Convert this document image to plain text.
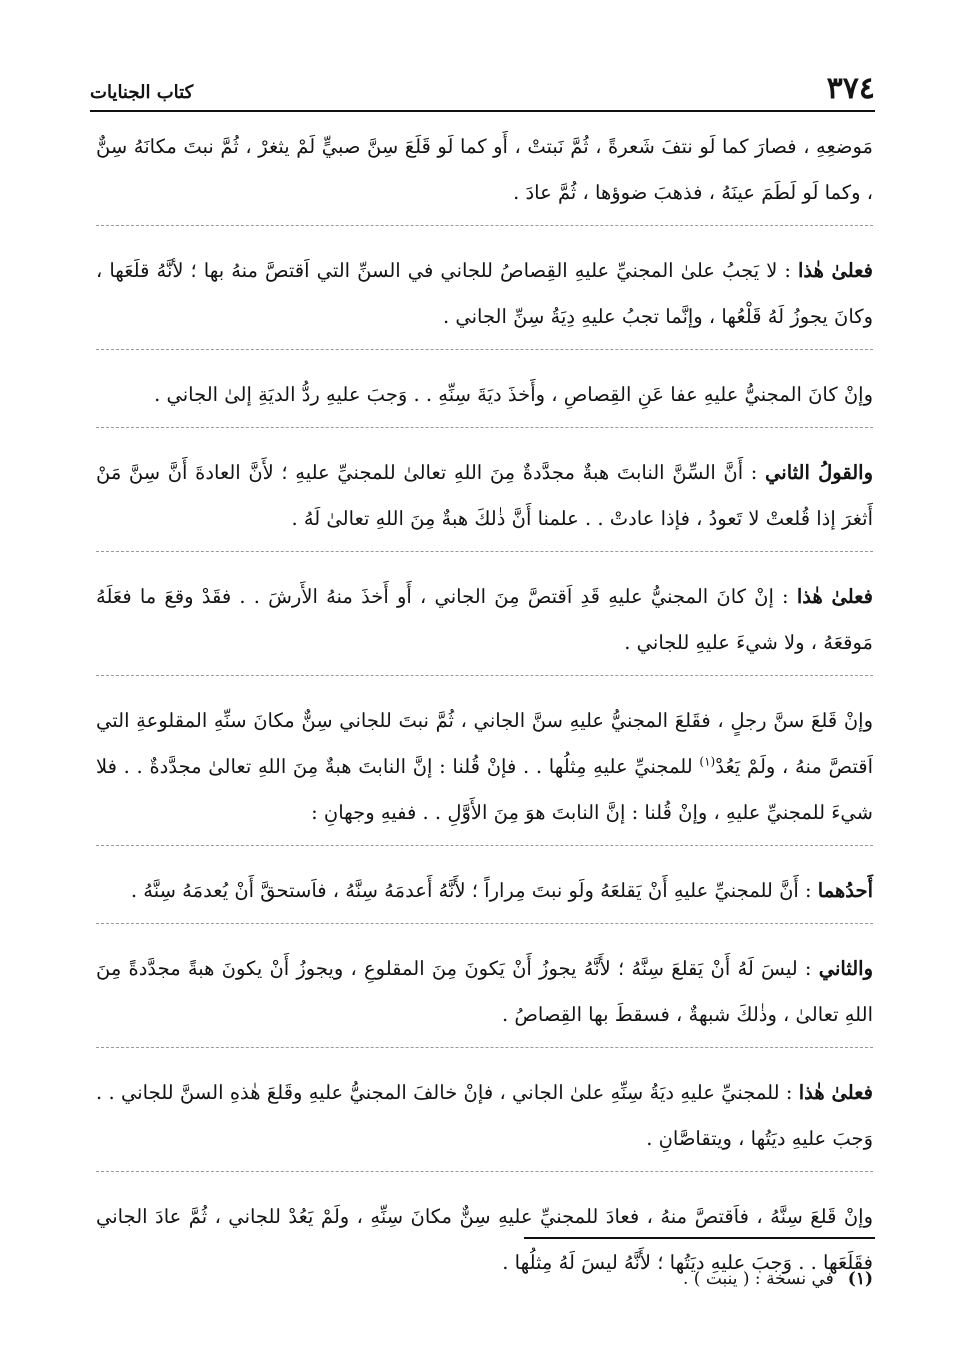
٣٧٤
كتاب الجنايات

مَوضعِهِ ، فصارَ كما لَو نتفَ شَعرةً ، ثُمَّ نَبتتْ ، أَو كما لَو قَلَعَ سِنَّ صبيٍّ لَمْ يثغرْ ، ثُمَّ نبتَ مكانَهُ سِنٌّ ، وكما لَو لَطَمَ عينَهُ ، فذهبَ ضوؤها ، ثُمَّ عادَ .

فعلىٰ هٰذا : لا يَجبُ علىٰ المجنيِّ عليهِ القِصاصُ للجاني في السنِّ التي اَقتصَّ منهُ بها ؛ لأنَّهُ قلَعَها ، وكانَ يجوزُ لَهُ قَلْعُها ، وإنَّما تجبُ عليهِ دِيَةُ سِنِّ الجاني .

وإنْ كانَ المجنيُّ عليهِ عفا عَنِ القِصاصِ ، وأَخذَ ديَةَ سِنِّهِ . . وَجبَ عليهِ ردُّ الديَةِ إلىٰ الجاني .

والقولُ الثاني : أَنَّ السِّنَّ النابتَ هبةٌ مجدَّدةٌ مِنَ اللهِ تعالىٰ للمجنيِّ عليهِ ؛ لأَنَّ العادةَ أَنَّ سِنَّ مَنْ أَثغرَ إذا قُلعتْ لا تَعودُ ، فإذا عادتْ . . علمنا أَنَّ ذٰلكَ هبةٌ مِنَ اللهِ تعالىٰ لَهُ .

فعلىٰ هٰذا : إنْ كانَ المجنيُّ عليهِ قَدِ اَقتصَّ مِنَ الجاني ، أَو أَخذَ منهُ الأَرشَ . . فقَدْ وقعَ ما فعَلَهُ مَوقعَهُ ، ولا شيءَ عليهِ للجاني .

وإنْ قَلعَ سنَّ رجلٍ ، فقَلعَ المجنيُّ عليهِ سنَّ الجاني ، ثُمَّ نبتَ للجاني سِنٌّ مكانَ سنِّهِ المقلوعةِ التي اَقتصَّ منهُ ، ولَمْ يَعُدْ$^{(١)}$ للمجنيِّ عليهِ مِثلُها . . فإنْ قُلنا : إنَّ النابتَ هبةٌ مِنَ اللهِ تعالىٰ مجدَّدةٌ . . فلا شيءَ للمجنيِّ عليهِ ، وإنْ قُلنا : إنَّ النابتَ هوَ مِنَ الأَوَّلِ . . ففيهِ وجهانِ :

أَحدُهما : أَنَّ للمجنيِّ عليهِ أَنْ يَقلعَهُ ولَو نبتَ مِراراً ؛ لأَنَّهُ أَعدمَهُ سِنَّهُ ، فاَستحقَّ أَنْ يُعدمَهُ سِنَّهُ .

والثاني : ليسَ لَهُ أَنْ يَقلعَ سِنَّهُ ؛ لأَنَّهُ يجوزُ أَنْ يَكونَ مِنَ المقلوعِ ، ويجوزُ أَنْ يكونَ هبةً مجدَّدةً مِنَ اللهِ تعالىٰ ، وذٰلكَ شبهةٌ ، فسقطَ بها القِصاصُ .

فعلىٰ هٰذا : للمجنيِّ عليهِ ديَةُ سِنِّهِ علىٰ الجاني ، فإنْ خالفَ المجنيُّ عليهِ وقَلعَ هٰذهِ السنَّ للجاني . . وَجبَ عليهِ ديَتُها ، ويتقاصَّانِ .

وإنْ قَلعَ سِنَّهُ ، فاَقتصَّ منهُ ، فعادَ للمجنيِّ عليهِ سِنٌّ مكانَ سِنِّهِ ، ولَمْ يَعُدْ للجاني ، ثُمَّ عادَ الجاني فقَلَعَها . . وَجبَ عليهِ ديَتُها ؛ لأَنَّهُ ليسَ لَهُ مِثلُها .

(١)في نسخة : ( ينبت ) .
